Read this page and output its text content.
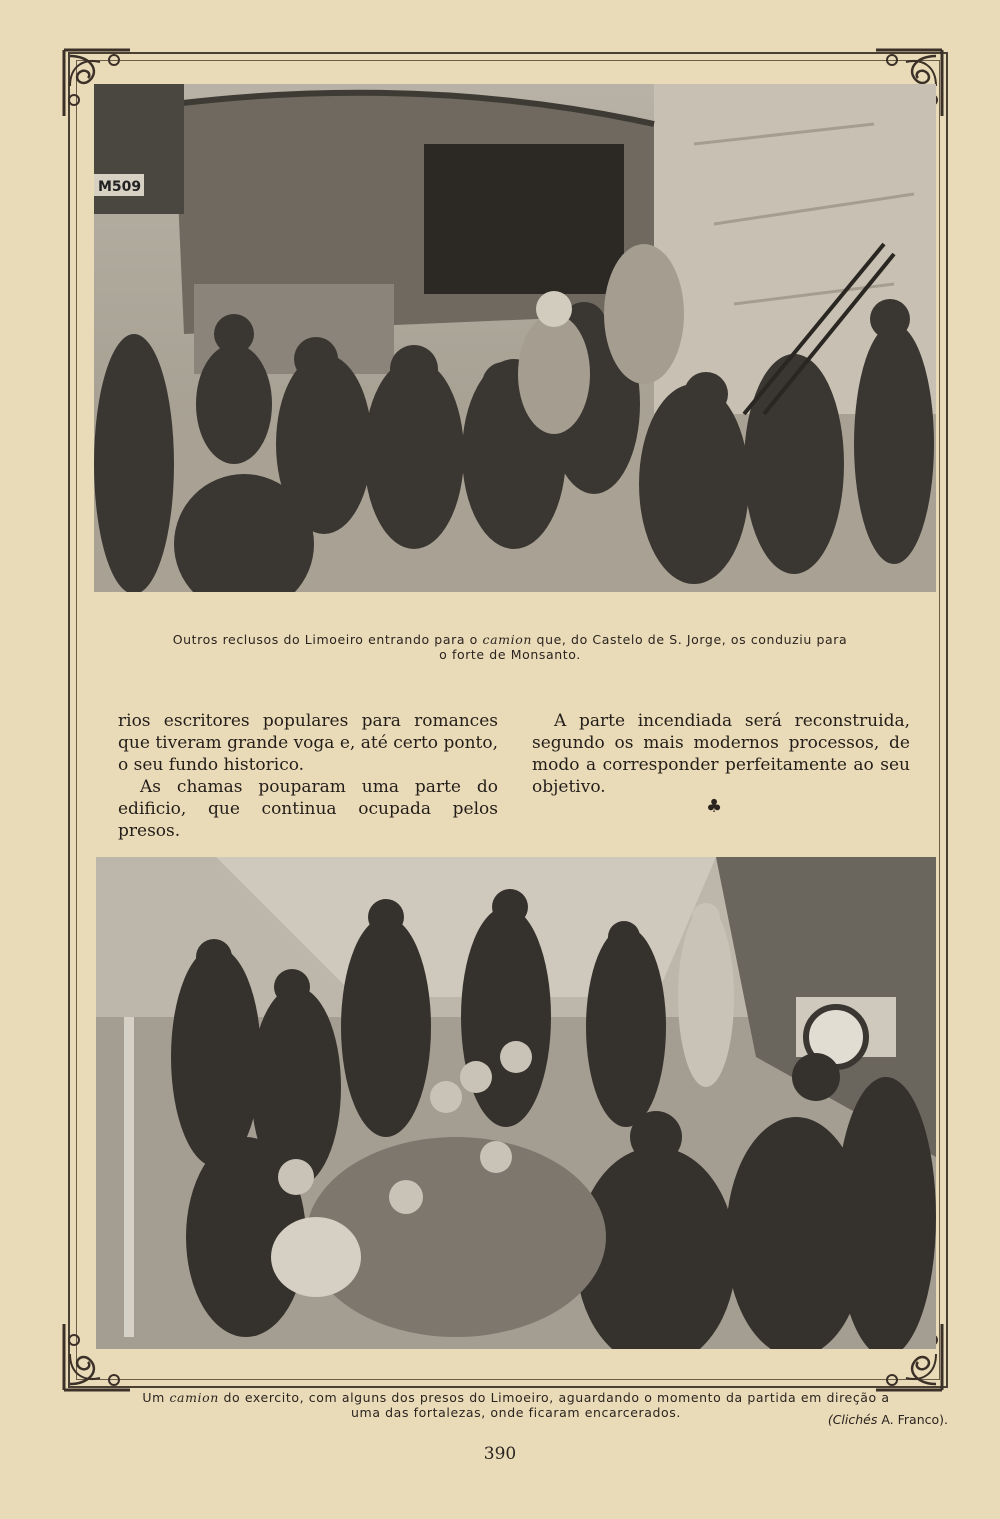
M509
Outros reclusos do Limoeiro entrando para o camion que, do Castelo de S. Jorge, os conduziu para
o forte de Monsanto.

rios escritores populares para romances que tiveram grande voga e, até certo ponto, o seu fundo historico.

As chamas pouparam uma parte do edificio, que continua ocupada pelos presos.

A parte incendiada será reconstruida, segundo os mais modernos processos, de modo a corresponder perfeitamente ao seu objetivo.

♣
Um camion do exercito, com alguns dos presos do Limoeiro, aguardando o momento da partida em direção a
uma das fortalezas, onde ficaram encarcerados.	(Clichés A. Franco).
390
